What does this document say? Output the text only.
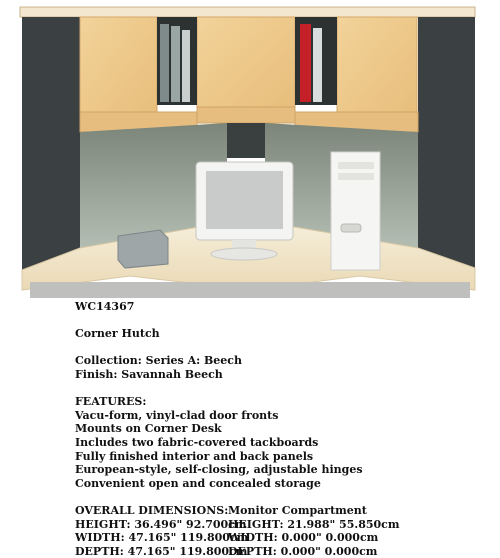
WC14367
Corner Hutch
Collection: Series A: Beech
Finish: Savannah Beech
FEATURES:
Vacu-form, vinyl-clad door fronts
Mounts on Corner Desk
Includes two fabric-covered tackboards
Fully finished interior and back panels
European-style, self-closing, adjustable hinges
Convenient open and concealed storage
OVERALL DIMENSIONS:
HEIGHT: 36.496" 92.700cm
WIDTH: 47.165" 119.800cm
DEPTH: 47.165" 119.800cm
Monitor Compartment
HEIGHT: 21.988" 55.850cm
WIDTH: 0.000" 0.000cm
DEPTH: 0.000" 0.000cm
